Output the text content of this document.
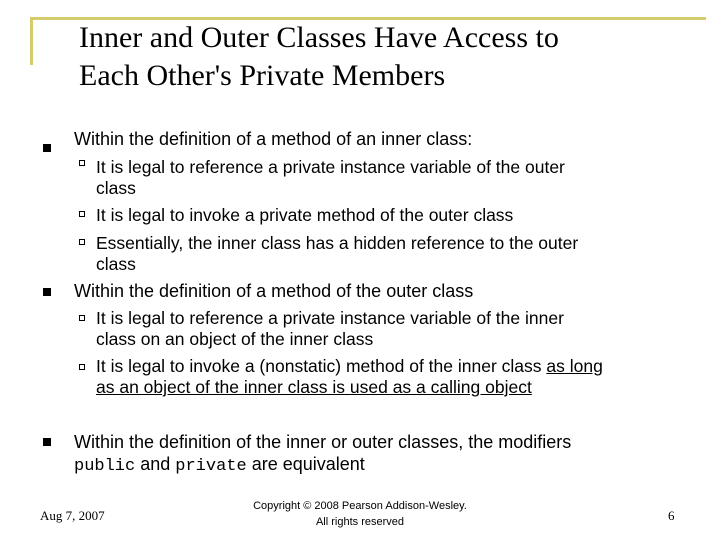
Inner and Outer Classes Have Access to
Each Other's Private Members
Within the definition of a method of an inner class:
It is legal to reference a private instance variable of the outer
class
It is legal to invoke a private method of the outer class
Essentially, the inner class has a hidden reference to the outer
class
Within the definition of a method of the outer class
It is legal to reference a private instance variable of the inner
class on an object of the inner class
It is legal to invoke a (nonstatic) method of the inner class as long
as an object of the inner class is used as a calling object
Within the definition of the inner or outer classes, the modifiers
public and private are equivalent
Aug 7, 2007
Copyright © 2008 Pearson Addison-Wesley.
All rights reserved	6
